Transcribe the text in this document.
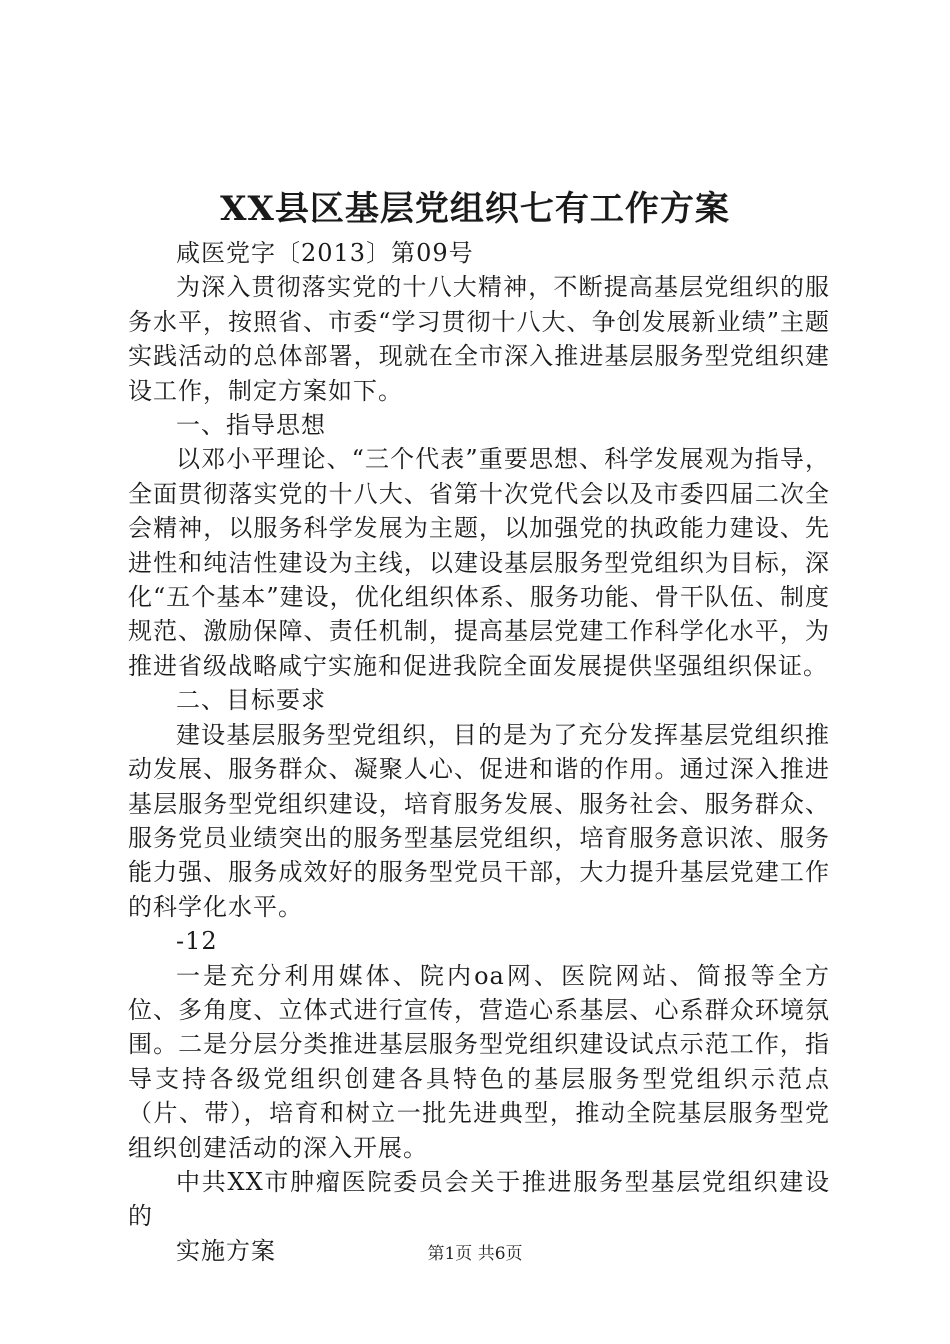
XX县区基层党组织七有工作方案

咸医党字〔2013〕第09号

为深入贯彻落实党的十八大精神，不断提高基层党组织的服务水平，按照省、市委“学习贯彻十八大、争创发展新业绩”主题实践活动的总体部署，现就在全市深入推进基层服务型党组织建设工作，制定方案如下。

一、指导思想

以邓小平理论、“三个代表”重要思想、科学发展观为指导，全面贯彻落实党的十八大、省第十次党代会以及市委四届二次全会精神，以服务科学发展为主题，以加强党的执政能力建设、先进性和纯洁性建设为主线，以建设基层服务型党组织为目标，深化“五个基本”建设，优化组织体系、服务功能、骨干队伍、制度规范、激励保障、责任机制，提高基层党建工作科学化水平，为推进省级战略咸宁实施和促进我院全面发展提供坚强组织保证。

二、目标要求

建设基层服务型党组织，目的是为了充分发挥基层党组织推动发展、服务群众、凝聚人心、促进和谐的作用。通过深入推进基层服务型党组织建设，培育服务发展、服务社会、服务群众、服务党员业绩突出的服务型基层党组织，培育服务意识浓、服务能力强、服务成效好的服务型党员干部，大力提升基层党建工作的科学化水平。

-12

一是充分利用媒体、院内oa网、医院网站、简报等全方位、多角度、立体式进行宣传，营造心系基层、心系群众环境氛围。二是分层分类推进基层服务型党组织建设试点示范工作，指导支持各级党组织创建各具特色的基层服务型党组织示范点（片、带），培育和树立一批先进典型，推动全院基层服务型党组织创建活动的深入开展。

中共XX市肿瘤医院委员会关于推进服务型基层党组织建设的

实施方案	第1页 共6页
